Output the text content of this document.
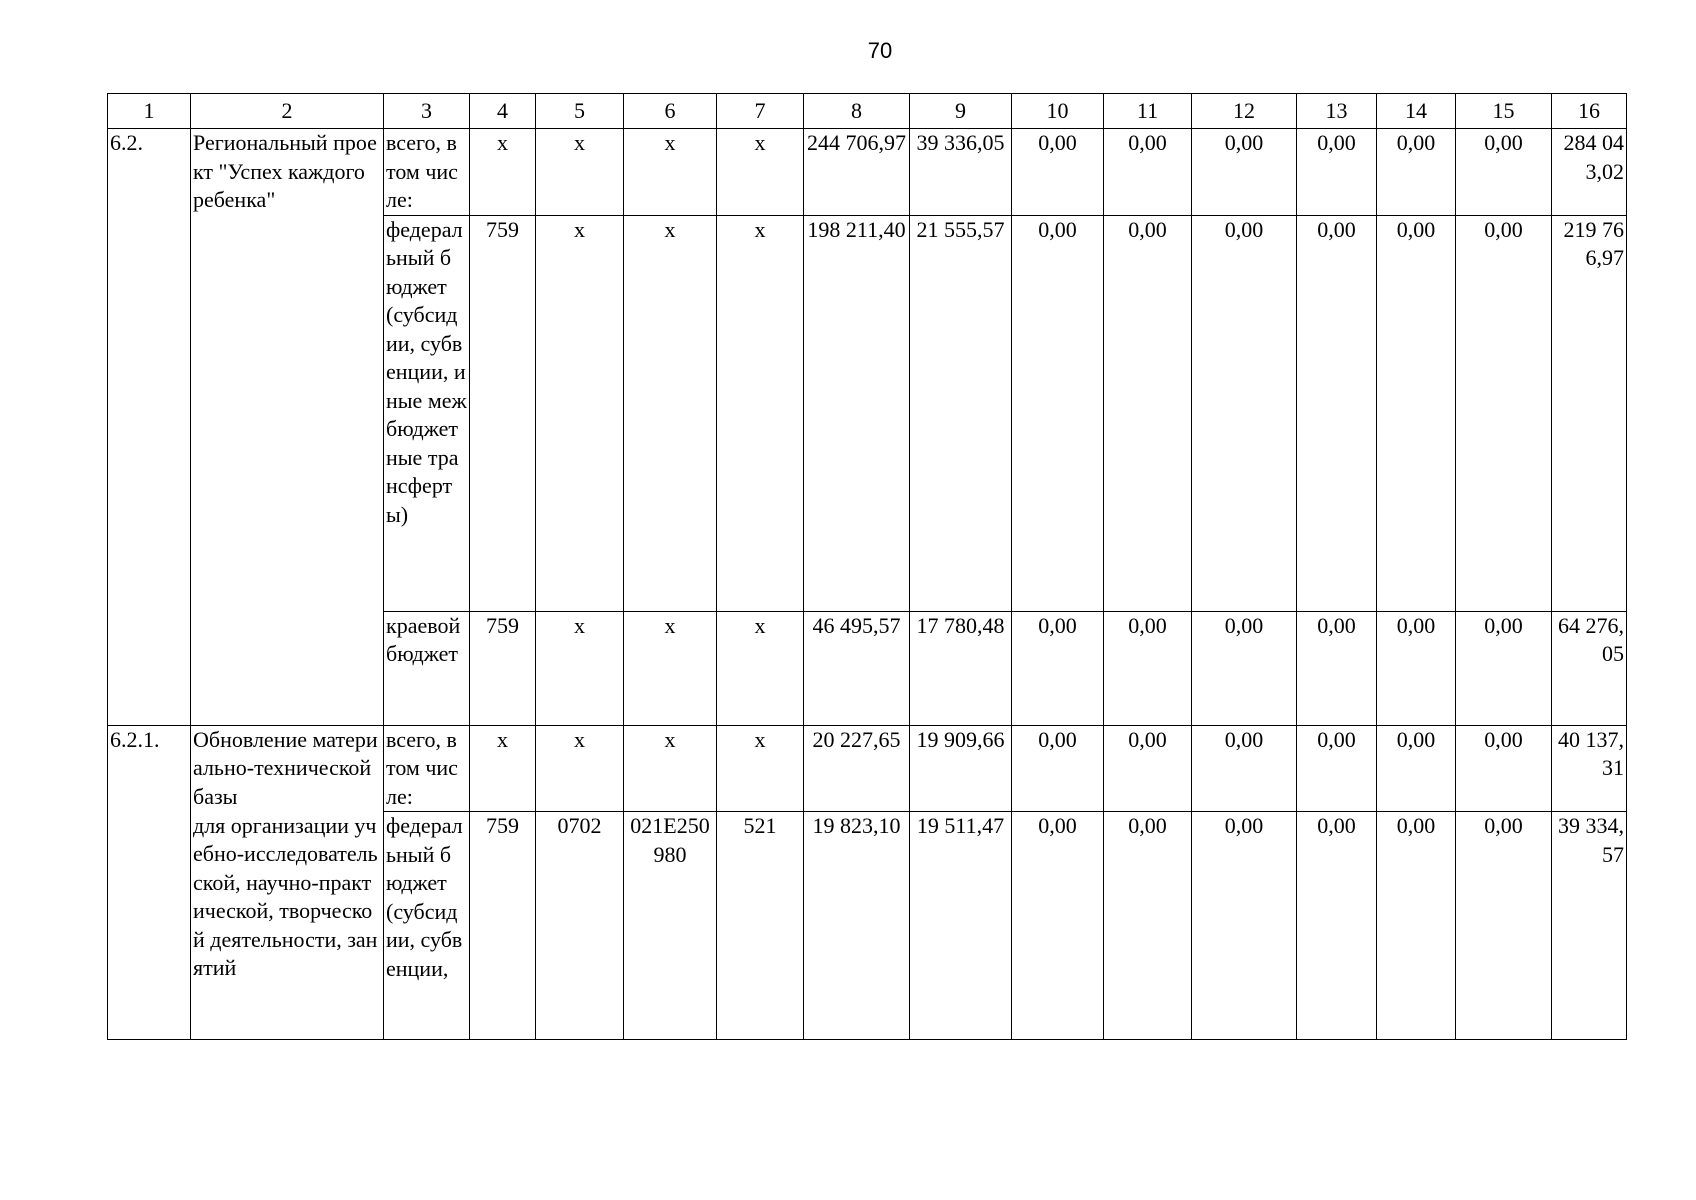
70
1	2	3	4	5	6	7	8	9	10	11	12	13	14	15	16
6.2.	Региональный проект "Успех каждого ребенка"	всего, в том числе:	х	х	х	х	244 706,97	39 336,05	0,00	0,00	0,00	0,00	0,00	0,00	284 043,02
		федеральный бюджет (субсидии, субвенции, иные межбюджетные трансферты)	759	х	х	х	198 211,40	21 555,57	0,00	0,00	0,00	0,00	0,00	0,00	219 766,97
		краевой бюджет	759	х	х	х	46 495,57	17 780,48	0,00	0,00	0,00	0,00	0,00	0,00	64 276,05
6.2.1.	Обновление материально-технической базы	всего, в том числе:	х	х	х	х	20 227,65	19 909,66	0,00	0,00	0,00	0,00	0,00	0,00	40 137,31
	для организации учебно-исследовательской, научно-практической, творческой деятельности, занятий	федеральный бюджет (субсидии, субвенции,	759	0702	021E250980	521	19 823,10	19 511,47	0,00	0,00	0,00	0,00	0,00	0,00	39 334,57
